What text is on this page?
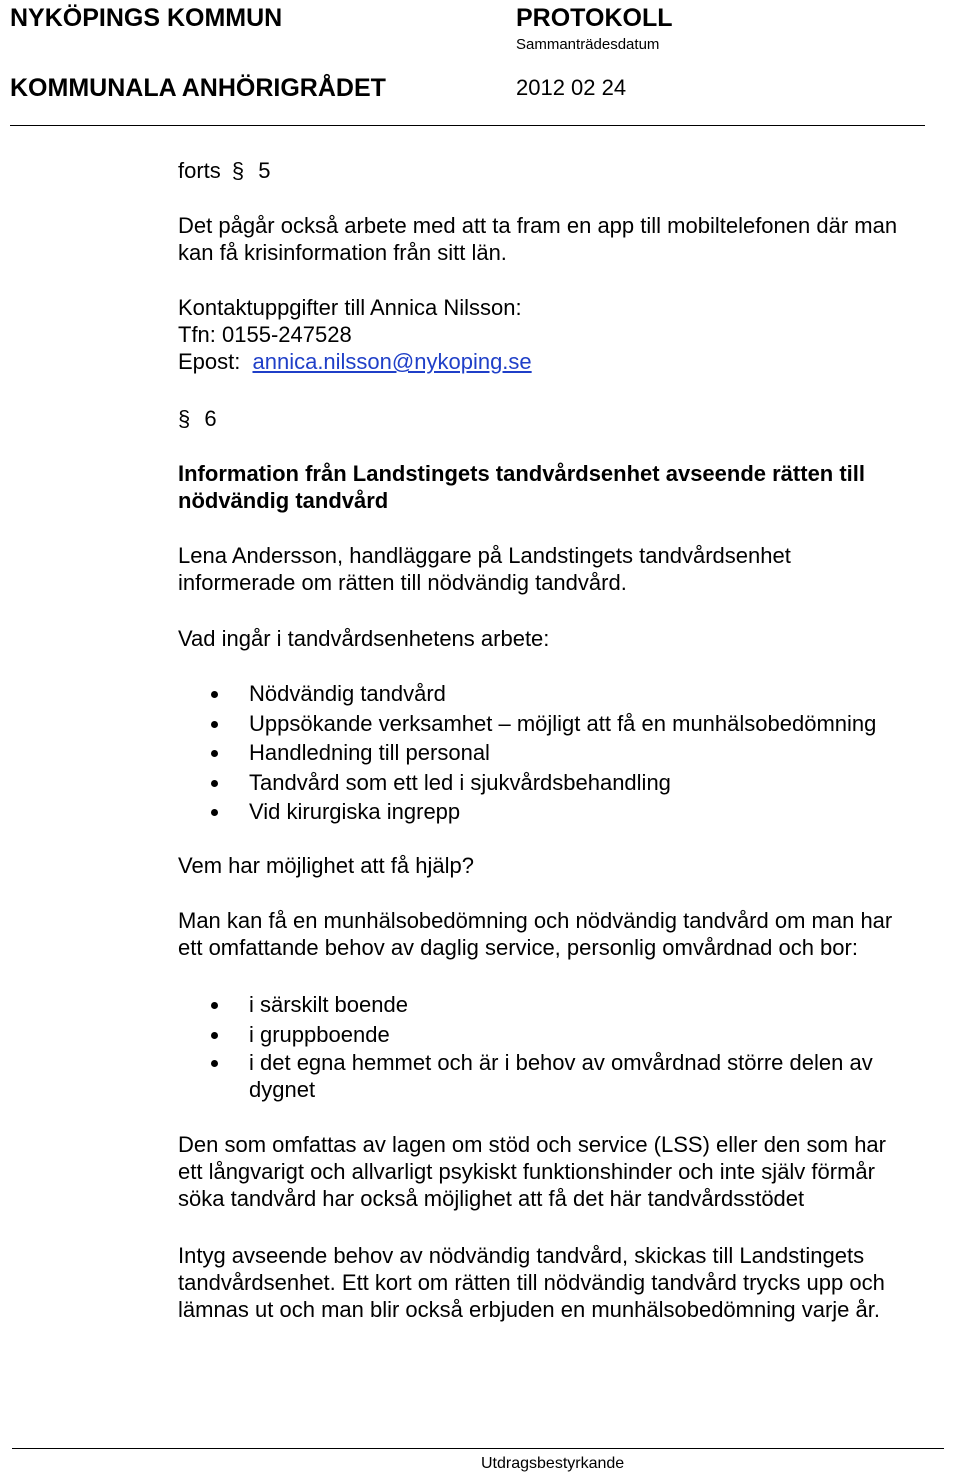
NYKÖPINGS KOMMUN	PROTOKOLL
Sammanträdesdatum
KOMMUNALA ANHÖRIGRÅDET	2012 02 24
forts § 5
Det pågår också arbete med att ta fram en app till mobiltelefonen där man
kan få krisinformation från sitt län.
Kontaktuppgifter till Annica Nilsson:
Tfn: 0155-247528
Epost: annica.nilsson@nykoping.se
§ 6
Information från Landstingets tandvårdsenhet avseende rätten till
nödvändig tandvård
Lena Andersson, handläggare på Landstingets tandvårdsenhet
informerade om rätten till nödvändig tandvård.
Vad ingår i tandvårdsenhetens arbete:
Nödvändig tandvård
Uppsökande verksamhet – möjligt att få en munhälsobedömning
Handledning till personal
Tandvård som ett led i sjukvårdsbehandling
Vid kirurgiska ingrepp
Vem har möjlighet att få hjälp?
Man kan få en munhälsobedömning och nödvändig tandvård om man har
ett omfattande behov av daglig service, personlig omvårdnad och bor:
i särskilt boende
i gruppboende
i det egna hemmet och är i behov av omvårdnad större delen av
dygnet
Den som omfattas av lagen om stöd och service (LSS) eller den som har
ett långvarigt och allvarligt psykiskt funktionshinder och inte själv förmår
söka tandvård har också möjlighet att få det här tandvårdsstödet
Intyg avseende behov av nödvändig tandvård, skickas till Landstingets
tandvårdsenhet. Ett kort om rätten till nödvändig tandvård trycks upp och
lämnas ut och man blir också erbjuden en munhälsobedömning varje år.
Utdragsbestyrkande
